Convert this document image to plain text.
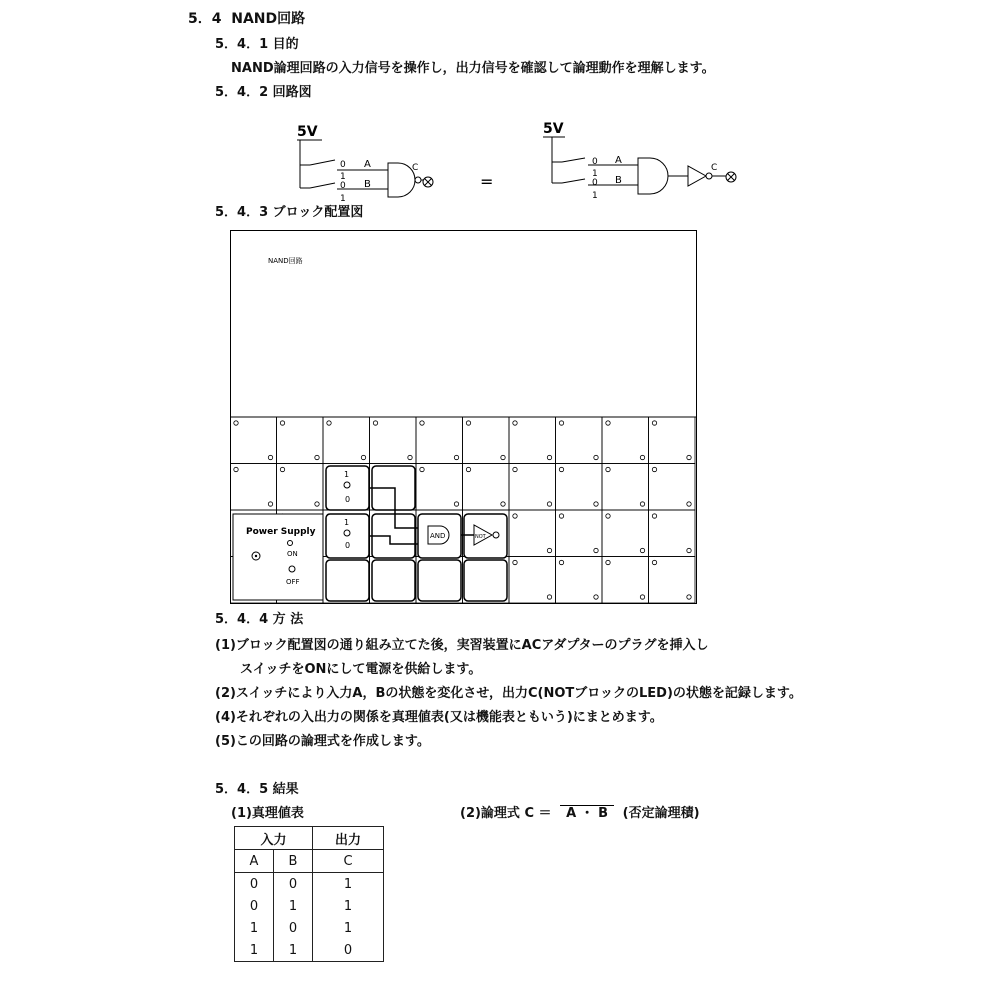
5．4 NAND回路
5．4．1 目的
NAND論理回路の入力信号を操作し，出力信号を確認して論理動作を理解します。
5．4．2 回路図
5V
0
1
0
1
A
B
C
=
5V
0
1
0
1
A
B
C
5．4．3 ブロック配置図
NAND回路
Power Supply
ON
OFF
1
0
1
0
AND	NOT
5．4．4 方 法
(1)ブロック配置図の通り組み立てた後，実習装置にACアダプターのプラグを挿入し
スイッチをONにして電源を供給します。
(2)スイッチにより入力A，Bの状態を変化させ，出力C(NOTブロックのLED)の状態を記録します。
(4)それぞれの入出力の関係を真理値表(又は機能表ともいう)にまとめます。
(5)この回路の論理式を作成します。
5．4．5 結果
(1)真理値表	(2)論理式 C ＝ A ・ B (否定論理積)
入力		出力
A	B	C
0	0	1
0	1	1
1	0	1
1	1	0
